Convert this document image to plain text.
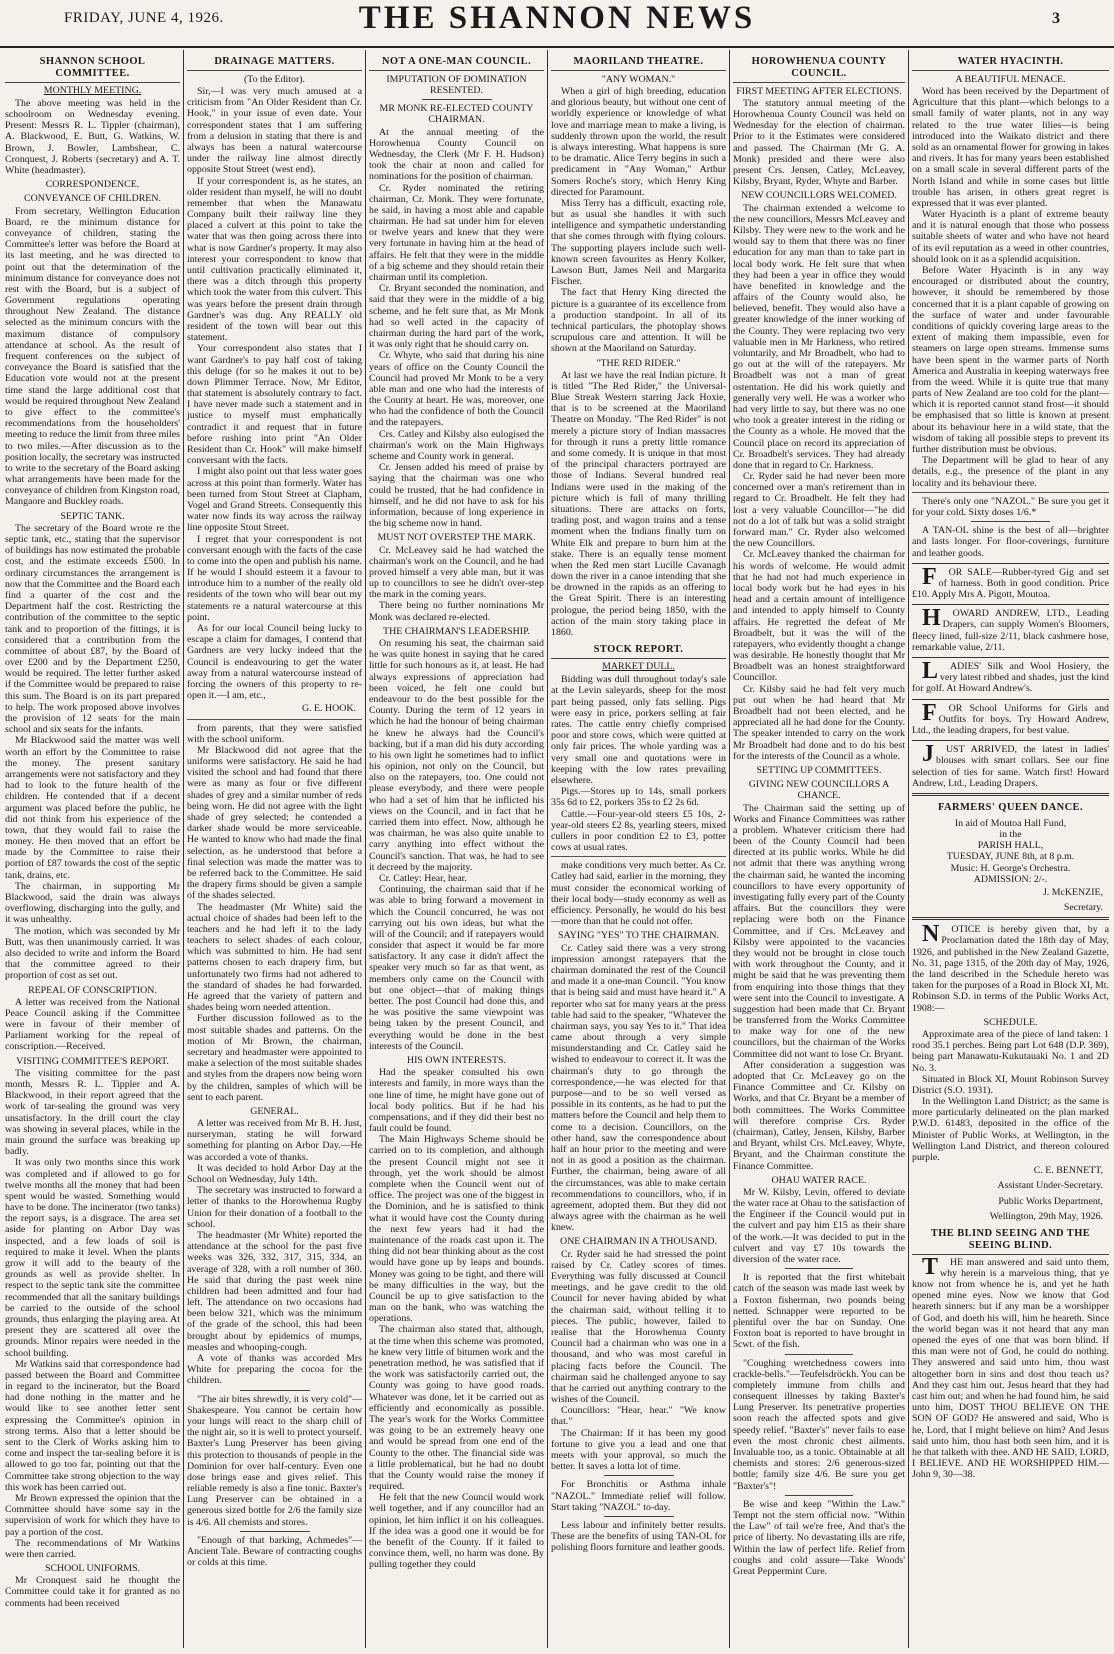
FRIDAY, JUNE 4, 1926.	THE SHANNON NEWS	3
SHANNON SCHOOL COMMITTEE.
MONTHLY MEETING.

The above meeting was held in the schoolroom on Wednesday evening. Present: Messrs R. L. Tippler (chairman), A. Blackwood, E. Butt, G. Watkins, W. Brown, J. Bowler, Lambshear, C. Cronquest, J. Roberts (secretary) and A. T. White (headmaster).

CORRESPONDENCE.
CONVEYANCE OF CHILDREN.

From secretary, Wellington Education Board, re the minimum distance for conveyance of children, stating the Committee's letter was before the Board at its last meeting, and he was directed to point out that the determination of the minimum distance for conveyance does not rest with the Board, but is a subject of Government regulations operating throughout New Zealand. The distance selected as the minimum concurs with the maximum distance of compulsory attendance at school. As the result of frequent conferences on the subject of conveyance the Board is satisfied that the Education vote would not at the present time stand the large additional cost that would be required throughout New Zealand to give effect to the committee's recommendations from the householders' meeting to reduce the limit from three miles to two miles.—After discussion as to the position locally, the secretary was instructed to write to the secretary of the Board asking what arrangements have been made for the conveyance of children from Kingston road, Mangaore and Buckley roads.

SEPTIC TANK.

The secretary of the Board wrote re the septic tank, etc., stating that the supervisor of buildings has now estimated the probable cost, and the estimate exceeds £500. In ordinary circumstances the arrangement is now that the Committee and the Board each find a quarter of the cost and the Department half the cost. Restricting the contribution of the committee to the septic tank and to proportion of the fittings, it is considered that a contribution from the committee of about £87, by the Board of over £200 and by the Department £250, would be required. The letter further asked if the Committee would be prepared to raise this sum. The Board is on its part prepared to help. The work proposed above involves the provision of 12 seats for the main school and six seats for the infants.

Mr Blackwood said the matter was well worth an effort by the Committee to raise the money. The present sanitary arrangements were not satisfactory and they had to look to the future health of the children. He contended that if a decent argument was placed before the public, he did not think from his experience of the town, that they would fail to raise the money. He then moved that an effort be made by the Committee to raise their portion of £87 towards the cost of the septic tank, drains, etc.

The chairman, in supporting Mr Blackwood, said the drain was always overflowing, discharging into the gully, and it was unhealthy.

The motion, which was seconded by Mr Butt, was then unanimously carried. It was also decided to write and inform the Board that the committee agreed to their proportion of cost as set out.

REPEAL OF CONSCRIPTION.

A letter was received from the National Peace Council asking if the Committee were in favour of their member of Parliament working for the repeal of conscription.—Received.

VISITING COMMITTEE'S REPORT.

The visiting committee for the past month, Messrs R. L. Tippler and A. Blackwood, in their report agreed that the work of tar-sealing the ground was very unsatisfactory. In the drill court the clay was showing in several places, while in the main ground the surface was breaking up badly.

It was only two months since this work was completed and if allowed to go for twelve months all the money that had been spent would be wasted. Something would have to be done. The incinerator (two tanks) the report says, is a disgrace. The area set aside for planting on Arbor Day was inspected, and a few loads of soil is required to make it level. When the plants grow it will add to the beauty of the grounds as well as provide shelter. In respect to the septic tank site the committee recommended that all the sanitary buildings be carried to the outside of the school grounds, thus enlarging the playing area. At present they are scattered all over the grounds. Minor repairs were needed in the school building.

Mr Watkins said that correspondence had passed between the Board and Committee in regard to the incinerator, but the Board had done nothing in the matter and he would like to see another letter sent expressing the Committee's opinion in strong terms. Also that a letter should be sent to the Clerk of Works asking him to come and inspect the tar-sealing before it is allowed to go too far, pointing out that the Committee take strong objection to the way this work has been carried out.

Mr Brown expressed the opinion that the Committee should have some say in the supervision of work for which they have to pay a portion of the cost.

The recommendations of Mr Watkins were then carried.

SCHOOL UNIFORMS.

Mr Cronquest said he thought the Committee could take it for granted as no comments had been received

DRAINAGE MATTERS.
(To the Editor).

Sir,—I was very much amused at a criticism from "An Older Resident than Cr. Hook," in your issue of even date. Your correspondent states that I am suffering from a delusion in stating that there is and always has been a natural watercourse under the railway line almost directly opposite Stout Street (west end).

If your correspondent is, as he states, an older resident than myself, he will no doubt remember that when the Manawatu Company built their railway line they placed a culvert at this point to take the water that was then going across there into what is now Gardner's property. It may also interest your correspondent to know that until cultivation practically eliminated it, there was a ditch through this property which took the water from this culvert. This was years before the present drain through Gardner's was dug. Any REALLY old resident of the town will bear out this statement.

Your correspondent also states that I want Gardner's to pay half cost of taking this deluge (for so he makes it out to be) down Plimmer Terrace. Now, Mr Editor, that statement is absolutely contrary to fact. I have never made such a statement and in justice to myself must emphatically contradict it and request that in future before rushing into print "An Older Resident than Cr. Hook" will make himself conversant with the facts.

I might also point out that less water goes across at this point than formerly. Water has been turned from Stout Street at Clapham, Vogel and Grand Streets. Consequently this water now finds its way across the railway line opposite Stout Street.

I regret that your correspondent is not conversant enough with the facts of the case to come into the open and publish his name. If he would I should esteem it a favour to introduce him to a number of the really old residents of the town who will bear out my statements re a natural watercourse at this point.

As for our local Council being lucky to escape a claim for damages, I contend that Gardners are very lucky indeed that the Council is endeavouring to get the water away from a natural watercourse instead of forcing the owners of this property to re-open it.—I am, etc.,

G. E. HOOK.

from parents, that they were satisfied with the school uniform.

Mr Blackwood did not agree that the uniforms were satisfactory. He said he had visited the school and had found that there were as many as four or five different shades of grey and a similar number of reds being worn. He did not agree with the light shade of grey selected; he contended a darker shade would be more serviceable. He wanted to know who had made the final selection, as he understood that before a final selection was made the matter was to be referred back to the Committee. He said the drapery firms should be given a sample of the shades selected.

The headmaster (Mr White) said the actual choice of shades had been left to the teachers and he had left it to the lady teachers to select shades of each colour, which was submitted to him. He had sent patterns chosen to each drapery firm, but unfortunately two firms had not adhered to the standard of shades he had forwarded. He agreed that the variety of pattern and shades being worn needed attention.

Further discussion followed as to the most suitable shades and patterns. On the motion of Mr Brown, the chairman, secretary and headmaster were appointed to make a selection of the most suitable shades and styles from the drapers now being worn by the children, samples of which will be sent to each parent.

GENERAL.

A letter was received from Mr B. H. Just, nurseryman, stating he will forward something for planting on Arbor Day.—He was accorded a vote of thanks.

It was decided to hold Arbor Day at the School on Wednesday, July 14th.

The secretary was instructed to forward a letter of thanks to the Horowhenua Rugby Union for their donation of a football to the school.

The headmaster (Mr White) reported the attendance at the school for the past five weeks was 326, 332, 317, 315, 334, an average of 328, with a roll number of 360. He said that during the past week nine children had been admitted and four had left. The attendance on two occasions had been below 321, which was the minimum of the grade of the school, this had been brought about by epidemics of mumps, measles and whooping-cough.

A vote of thanks was accorded Mrs White for preparing the cocoa for the children.

"The air bites shrewdly, it is very cold"—Shakespeare. You cannot be certain how your lungs will react to the sharp chill of the night air, so it is well to protect yourself. Baxter's Lung Preserver has been giving this protection to thousands of people in the Dominion for over half-century. Even one dose brings ease and gives relief. This reliable remedy is also a fine tonic. Baxter's Lung Preserver can be obtained in a generous sized bottle for 2/6 the family size is 4/6. All chemists and stores.

"Enough of that barking, Achmedes"—Ancient Tale. Beware of contracting coughs or colds at this time.

NOT A ONE-MAN COUNCIL.
IMPUTATION OF DOMINATION RESENTED.
MR MONK RE-ELECTED COUNTY CHAIRMAN.

At the annual meeting of the Horowhenua County Council on Wednesday, the Clerk (Mr F. H. Hudson) took the chair at noon and called for nominations for the position of chairman.

Cr. Ryder nominated the retiring chairman, Cr. Monk. They were fortunate, he said, in having a most able and capable chairman. He had sat under him for eleven or twelve years and knew that they were very fortunate in having him at the head of affairs. He felt that they were in the middle of a big scheme and they should retain their chairman until its completion.

Cr. Bryant seconded the nomination, and said that they were in the middle of a big scheme, and he felt sure that, as Mr Monk had so well acted in the capacity of chairman during the hard part of the work, it was only right that he should carry on.

Cr. Whyte, who said that during his nine years of office on the County Council the Council had proved Mr Monk to be a very able man and one who had the interests of the County at heart. He was, moreover, one who had the confidence of both the Council and the ratepayers.

Crs. Catley and Kilsby also eulogised the chairman's work on the Main Highways scheme and County work in general.

Cr. Jensen added his meed of praise by saying that the chairman was one who could be trusted, that he had confidence in himself, and he did not have to ask for his information, because of long experience in the big scheme now in hand.

MUST NOT OVERSTEP THE MARK.

Cr. McLeavey said he had watched the chairman's work on the Council, and he had proved himself a very able man, but it was up to councillors to see he didn't over-step the mark in the coming years.

There being no further nominations Mr Monk was declared re-elected.

THE CHAIRMAN'S LEADERSHIP.

On resuming his seat, the chairman said he was quite honest in saying that he cared little for such honours as it, at least. He had always expressions of appreciation had been voiced, he felt one could but endeavour to do the best possible for the County. During the term of 12 years in which he had the honour of being chairman he knew he always had the Council's backing, but if a man did his duty according to his own light he sometimes had to inflict his opinion, not only on the Council, but also on the ratepayers, too. One could not please everybody, and there were people who had a set of him that he inflicted his views on the Council, and in fact that he carried them into effect. Now, although he was chairman, he was also quite unable to carry anything into effect without the Council's sanction. That was, he had to see it decreed by the majority.

Cr. Catley: Hear, hear.

Continuing, the chairman said that if he was able to bring forward a movement in which the Council concurred, he was not carrying out his own ideas, but what the will of the Council; and if ratepayers would consider that aspect it would be far more satisfactory. It any case it didn't affect the speaker very much so far as that went, as members only came on the Council with but one object—that of making things better. The post Council had done this, and he was positive the same viewpoint was being taken by the present Council, and everything would be done in the best interests of the Council.

HIS OWN INTERESTS.

Had the speaker consulted his own interests and family, in more ways than the one line of time, he might have gone out of local body politics. But if he had his compensations, and if they did their best no fault could be found.

The Main Highways Scheme should be carried on to its completion, and although the present Council might not see it through, yet the work should be almost complete when the Council went out of office. The project was one of the biggest in the Dominion, and he is satisfied to think what it would have cost the County during the next few years had it had the maintenance of the roads cast upon it. The thing did not bear thinking about as the cost would have gone up by leaps and bounds. Money was going to be tight, and there will be many difficulties in the way, but the Council be up to give satisfaction to the man on the bank, who was watching the operations.

The chairman also stated that, although, at the time when this scheme was promoted, he knew very little of bitumen work and the penetration method, he was satisfied that if the work was satisfactorily carried out, the County was going to have good roads. Whatever was done, let it be carried out as efficiently and economically as possible. The year's work for the Works Committee was going to be an extremely heavy one and would be spread from one end of the County to the other. The financial side was a little problematical, but he had no doubt that the County would raise the money if required.

He felt that the new Council would work well together, and if any councillor had an opinion, let him inflict it on his colleagues. If the idea was a good one it would be for the benefit of the County. If it failed to convince them, well, no harm was done. By pulling together they could

MAORILAND THEATRE.
"ANY WOMAN."

When a girl of high breeding, education and glorious beauty, but without one cent of worldly experience or knowledge of what love and marriage mean to make a living, is suddenly thrown upon the world, the result is always interesting. What happens is sure to be dramatic. Alice Terry begins in such a predicament in "Any Woman," Arthur Somers Roche's story, which Henry King directed for Paramount.

Miss Terry has a difficult, exacting role, but as usual she handles it with such intelligence and sympathetic understanding that she comes through with flying colours. The supporting players include such well-known screen favourites as Henry Kolker, Lawson Butt, James Neil and Margarita Fischer.

The fact that Henry King directed the picture is a guarantee of its excellence from a production standpoint. In all of its technical particulars, the photoplay shows scrupulous care and attention. It will be shown at the Maoriland on Saturday.

"THE RED RIDER."

At last we have the real Indian picture. It is titled "The Red Rider," the Universal-Blue Streak Western starring Jack Hoxie, that is to be screened at the Maoriland Theatre on Monday. "The Red Rider" is not merely a picture story of Indian massacres for through it runs a pretty little romance and some comedy. It is unique in that most of the principal characters portrayed are those of Indians. Several hundred real Indians were used in the making of the picture which is full of many thrilling situations. There are attacks on forts, trading post, and wagon trains and a tense moment when the Indians finally turn on White Elk and prepare to burn him at the stake. There is an equally tense moment when the Red men start Lucille Cavanagh down the river in a canoe intending that she be drowned in the rapids as an offering to the Great Spirit. There is an interesting prologue, the period being 1850, with the action of the main story taking place in 1860.

STOCK REPORT.
MARKET DULL.

Bidding was dull throughout today's sale at the Levin saleyards, sheep for the most part being passed, only fats selling. Pigs were easy in price, porkers selling at fair rates. The cattle entry chiefly comprised poor and store cows, which were quitted at only fair prices. The whole yarding was a very small one and quotations were in keeping with the low rates prevailing elsewhere.

Pigs.—Stores up to 14s, small porkers 35s 6d to £2, porkers 35s to £2 2s 6d.

Cattle.—Four-year-old steers £5 10s, 2-year-old steers £2 8s, yearling steers, mixed cullers in poor condition £2 to £3, potter cows at usual rates.

make conditions very much better. As Cr. Catley had said, earlier in the morning, they must consider the economical working of their local body—study economy as well as efficiency. Personally, he would do his best—more than that he could not offer.

SAYING "YES" TO THE CHAIRMAN.

Cr. Catley said there was a very strong impression amongst ratepayers that the chairman dominated the rest of the Council and made it a one-man Council. "You know that is being said and must have heard it." A reporter who sat for many years at the press table had said to the speaker, "Whatever the chairman says, you say Yes to it." That idea came about through a very simple misunderstanding and Cr. Catley said he wished to endeavour to correct it. It was the chairman's duty to go through the correspondence,—he was elected for that purpose—and to be so well versed as possible in its contents, as he had to put the matters before the Council and help them to come to a decision. Councillors, on the other hand, saw the correspondence about half an hour prior to the meeting and were not in as good a position as the chairman. Further, the chairman, being aware of all the circumstances, was able to make certain recommendations to councillors, who, if in agreement, adopted them. But they did not always agree with the chairman as he well knew.

ONE CHAIRMAN IN A THOUSAND.

Cr. Ryder said he had stressed the point raised by Cr. Catley scores of times. Everything was fully discussed at Council meetings, and he gave credit to the old Council for never having abided by what the chairman said, without telling it to pieces. The public, however, failed to realise that the Horowhenua County Council had a chairman who was one in a thousand, and who was most careful in placing facts before the Council. The chairman said he challenged anyone to say that he carried out anything contrary to the wishes of the Council.

Councillors: "Hear, hear." "We know that."

The Chairman: If it has been my good fortune to give you a lead and one that meets with your approval, so much the better. It saves a lotta lot of time.

For Bronchitis or Asthma inhale "NAZOL." Immediate relief will follow. Start taking "NAZOL" to-day.

Less labour and infinitely better results. These are the benefits of using TAN-OL for polishing floors furniture and leather goods.

HOROWHENUA COUNTY COUNCIL.
FIRST MEETING AFTER ELECTIONS.

The statutory annual meeting of the Horowhenua County Council was held on Wednesday for the election of chairman. Prior to it the Estimates were considered and passed. The Chairman (Mr G. A. Monk) presided and there were also present Crs. Jensen, Catley, McLeavey, Kilsby, Bryant, Ryder, Whyte and Barber.

NEW COUNCILLORS WELCOMED.

The chairman extended a welcome to the new councillors, Messrs McLeavey and Kilsby. They were new to the work and he would say to them that there was no finer education for any man than to take part in local body work. He felt sure that when they had been a year in office they would have benefited in knowledge and the affairs of the County would also, he believed, benefit. They would also have a greater knowledge of the inner working of the County. They were replacing two very valuable men in Mr Harkness, who retired voluntarily, and Mr Broadbelt, who had to go out at the will of the ratepayers. Mr Broadbelt was not a man of great ostentation. He did his work quietly and generally very well. He was a worker who had very little to say, but there was no one who took a greater interest in the riding or the County as a whole. He moved that the Council place on record its appreciation of Cr. Broadbelt's services. They had already done that in regard to Cr. Harkness.

Cr. Ryder said he had never been more concerned over a man's retirement than in regard to Cr. Broadbelt. He felt they had lost a very valuable Councillor—"he did not do a lot of talk but was a solid straight forward man." Cr. Ryder also welcomed the new Councillors.

Cr. McLeavey thanked the chairman for his words of welcome. He would admit that he had not had much experience in local body work but he had eyes in his head and a certain amount of intelligence and intended to apply himself to County affairs. He regretted the defeat of Mr Broadbelt, but it was the will of the ratepayers, who evidently thought a change was desirable. He honestly thought that Mr Broadbelt was an honest straightforward Councillor.

Cr. Kilsby said he had felt very much put out when he had heard that Mr Broadbelt had not been elected, and he appreciated all he had done for the County. The speaker intended to carry on the work Mr Broadbelt had done and to do his best for the interests of the Council as a whole.

SETTING UP COMMITTEES.
GIVING NEW COUNCILLORS A CHANCE.

The Chairman said the setting up of Works and Finance Committees was rather a problem. Whatever criticism there had been of the County Council had been directed at its public works. While he did not admit that there was anything wrong the chairman said, he wanted the incoming councillors to have every opportunity of investigating fully every part of the County affairs. But the councillors they were replacing were both on the Finance Committee, and if Crs. McLeavey and Kilsby were appointed to the vacancies they would not be brought in close touch with work throughout the County, and it might be said that he was preventing them from enquiring into those things that they were sent into the Council to investigate. A suggestion had been made that Cr. Bryant be transferred from the Works Committee to make way for one of the new councillors, but the chairman of the Works Committee did not want to lose Cr. Bryant.

After consideration a suggestion was adopted that Cr. McLeavey go on the Finance Committee and Cr. Kilsby on Works, and that Cr. Bryant be a member of both committees. The Works Committee will therefore comprise Crs. Ryder (chairman), Catley, Jensen, Kilsby, Barber and Bryant, whilst Crs. McLeavey, Whyte, Bryant, and the Chairman constitute the Finance Committee.

OHAU WATER RACE.

Mr W. Kilsby, Levin, offered to deviate the water race at Ohau to the satisfaction of the Engineer if the Council would put in the culvert and pay him £15 as their share of the work.—It was decided to put in the culvert and vay £7 10s towards the diversion of the water race.

It is reported that the first whitebait catch of the season was made last week by a Foxton fisherman, two pounds being netted. Schnapper were reported to be plentiful over the bar on Sunday. One Foxton boat is reported to have brought in 5cwt. of the fish.

"Coughing wretchedness cowers into crackle-bells."—Teufelsdröckh. You can be completely immune from chills and consequent illnesses by taking Baxter's Lung Preserver. Its penetrative properties soon reach the affected spots and give speedy relief. "Baxter's" never fails to ease even the most chronic chest ailments. Invaluable too, as a tonic. Obtainable at all chemists and stores: 2/6 generous-sized bottle; family size 4/6. Be sure you get "Baxter's"!

Be wise and keep "Within the Law." Tempt not the stern official now. "Within the Law" of tail we're free, And that's the price of liberty. No devastating ills are rife, Within the law of perfect life. Relief from coughs and cold assure—Take Woods' Great Peppermint Cure.

WATER HYACINTH.
A BEAUTIFUL MENACE.

Word has been received by the Department of Agriculture that this plant—which belongs to a small family of water plants, not in any way related to the true water lilies—is being introduced into the Waikato district and there sold as an ornamental flower for growing in lakes and rivers. It has for many years been established on a small scale in several different parts of the North Island and while in some cases but little trouble has arisen, in others great regret is expressed that it was ever planted.

Water Hyacinth is a plant of extreme beauty and it is natural enough that those who possess suitable sheets of water and who have not heard of its evil reputation as a weed in other countries, should look on it as a splendid acquisition.

Before Water Hyacinth is in any way encouraged or distributed about the country, however, it should be remembered by those concerned that it is a plant capable of growing on the surface of water and under favourable conditions of quickly covering large areas to the extent of making them impassible, even for steamers on large open streams. Immense sums have been spent in the warmer parts of North America and Australia in keeping waterways free from the weed. While it is quite true that many parts of New Zealand are too cold for the plant—which it is reported cannot stand frost—it should be emphasised that so little is known at present about its behaviour here in a wild state, that the wisdom of taking all possible steps to prevent its further distribution must be obvious.

The Department will be glad to hear of any details, e.g., the presence of the plant in any locality and its behaviour there.

There's only one "NAZOL." Be sure you get it for your cold. Sixty doses 1/6.*

A TAN-OL shine is the best of all—brighter and lasts longer. For floor-coverings, furniture and leather goods.

FOR SALE—Rubber-tyred Gig and set of harness. Both in good condition. Price £10. Apply Mrs A. Pigott, Moutoa.

HOWARD ANDREW, LTD., Leading Drapers, can supply Women's Bloomers, fleecy lined, full-size 2/11, black cashmere hose, remarkable value, 2/11.

LADIES' Silk and Wool Hosiery, the very latest ribbed and shades, just the kind for golf. At Howard Andrew's.

FOR School Uniforms for Girls and Outfits for boys. Try Howard Andrew, Ltd., the leading drapers, for best value.

JUST ARRIVED, the latest in ladies' blouses with smart collars. See our fine selection of ties for same. Watch first! Howard Andrew, Ltd., Leading Drapers.

FARMERS' QUEEN DANCE.

In aid of Moutoa Hall Fund,

in the

PARISH HALL,

TUESDAY, JUNE 8th, at 8 p.m.

Music: H. George's Orchestra.

ADMISSION: 2/-.

J. McKENZIE,
Secretary.

NOTICE is hereby given that, by a Proclamation dated the 18th day of May, 1926, and published in the New Zealand Gazette, No. 31, page 1315, of the 20th day of May, 1926, the land described in the Schedule hereto was taken for the purposes of a Road in Block XI, Mt. Robinson S.D. in terms of the Public Works Act, 1908:—

SCHEDULE.

Approximate area of the piece of land taken: 1 rood 35.1 perches. Being part Lot 648 (D.P. 369), being part Manawatu-Kukutauaki No. 1 and 2D No. 3.

Situated in Block XI, Mount Robinson Survey District (S.O. 1931).

In the Wellington Land District; as the same is more particularly delineated on the plan marked P.W.D. 61483, deposited in the office of the Minister of Public Works, at Wellington, in the Wellington Land District, and thereon coloured purple.

C. E. BENNETT,
Assistant Under-Secretary.
Public Works Department,
Wellington, 29th May, 1926.
THE BLIND SEEING AND THE SEEING BLIND.

THE man answered and said unto them, why herein is a marvelous thing, that ye know not from whence he is, and yet he hath opened mine eyes. Now we know that God heareth sinners: but if any man be a worshipper of God, and doeth his will, him he heareth. Since the world began was it not heard that any man opened the eyes of one that was born blind. If this man were not of God, he could do nothing. They answered and said unto him, thou wast altogether born in sins and dost thou teach us? And they cast him out. Jesus heard that they had cast him out; and when he had found him, he said unto him, DOST THOU BELIEVE ON THE SON OF GOD? He answered and said, Who is he, Lord, that I might believe on him? And Jesus said unto him, thou hast both seen him, and it is he that talketh with thee. AND HE SAID, LORD, I BELIEVE. AND HE WORSHIPPED HIM.—John 9, 30—38.
